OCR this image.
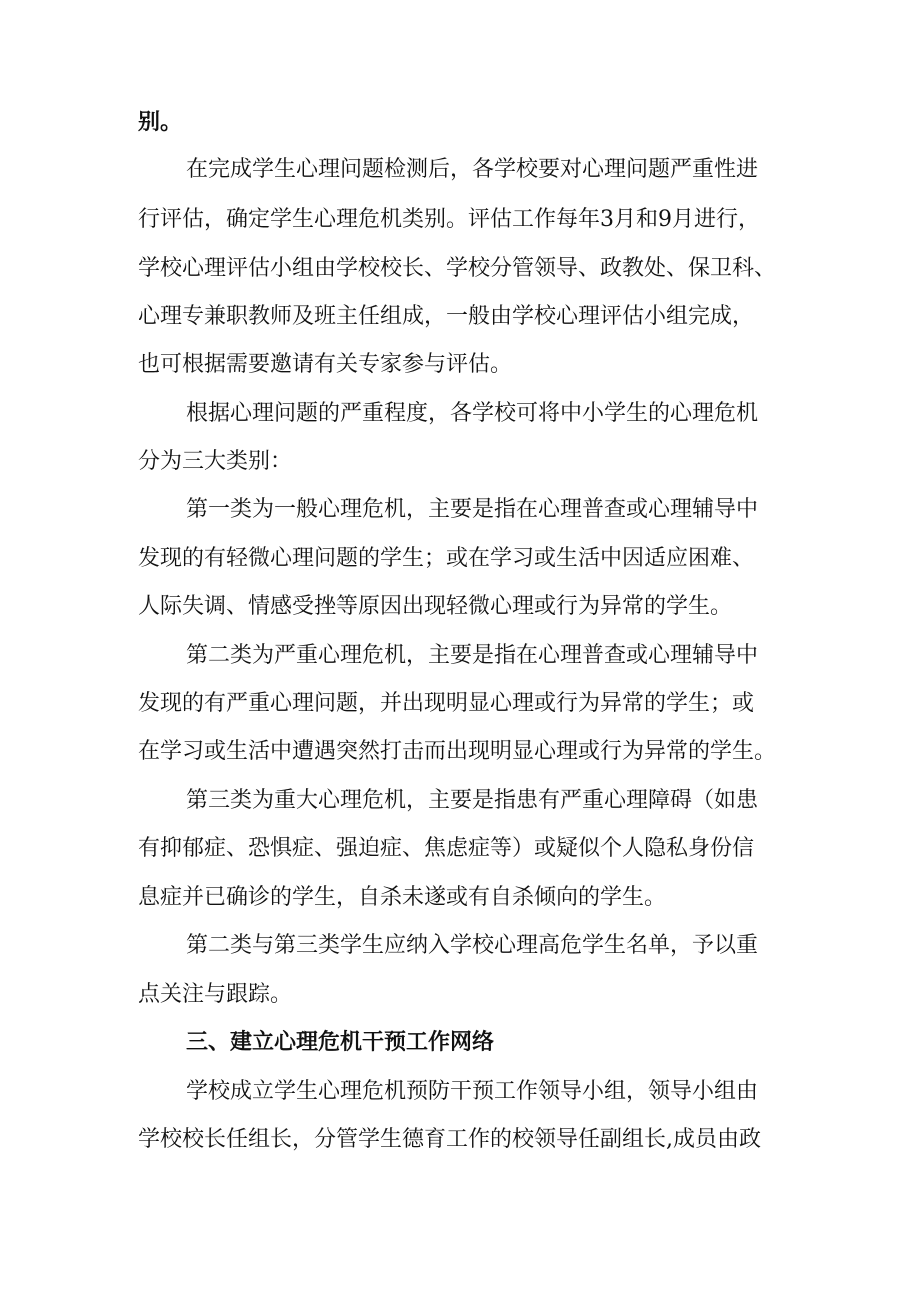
别。
在完成学生心理问题检测后，各学校要对心理问题严重性进
行评估，确定学生心理危机类别。评估工作每年3月和9月进行，
学校心理评估小组由学校校长、学校分管领导、政教处、保卫科、
心理专兼职教师及班主任组成，一般由学校心理评估小组完成，
也可根据需要邀请有关专家参与评估。
根据心理问题的严重程度，各学校可将中小学生的心理危机
分为三大类别：
第一类为一般心理危机，主要是指在心理普查或心理辅导中
发现的有轻微心理问题的学生；或在学习或生活中因适应困难、
人际失调、情感受挫等原因出现轻微心理或行为异常的学生。
第二类为严重心理危机，主要是指在心理普查或心理辅导中
发现的有严重心理问题，并出现明显心理或行为异常的学生；或
在学习或生活中遭遇突然打击而出现明显心理或行为异常的学生。
第三类为重大心理危机，主要是指患有严重心理障碍（如患
有抑郁症、恐惧症、强迫症、焦虑症等）或疑似个人隐私身份信
息症并已确诊的学生，自杀未遂或有自杀倾向的学生。
第二类与第三类学生应纳入学校心理高危学生名单，予以重
点关注与跟踪。
三、建立心理危机干预工作网络
学校成立学生心理危机预防干预工作领导小组，领导小组由
学校校长任组长，分管学生德育工作的校领导任副组长,成员由政
